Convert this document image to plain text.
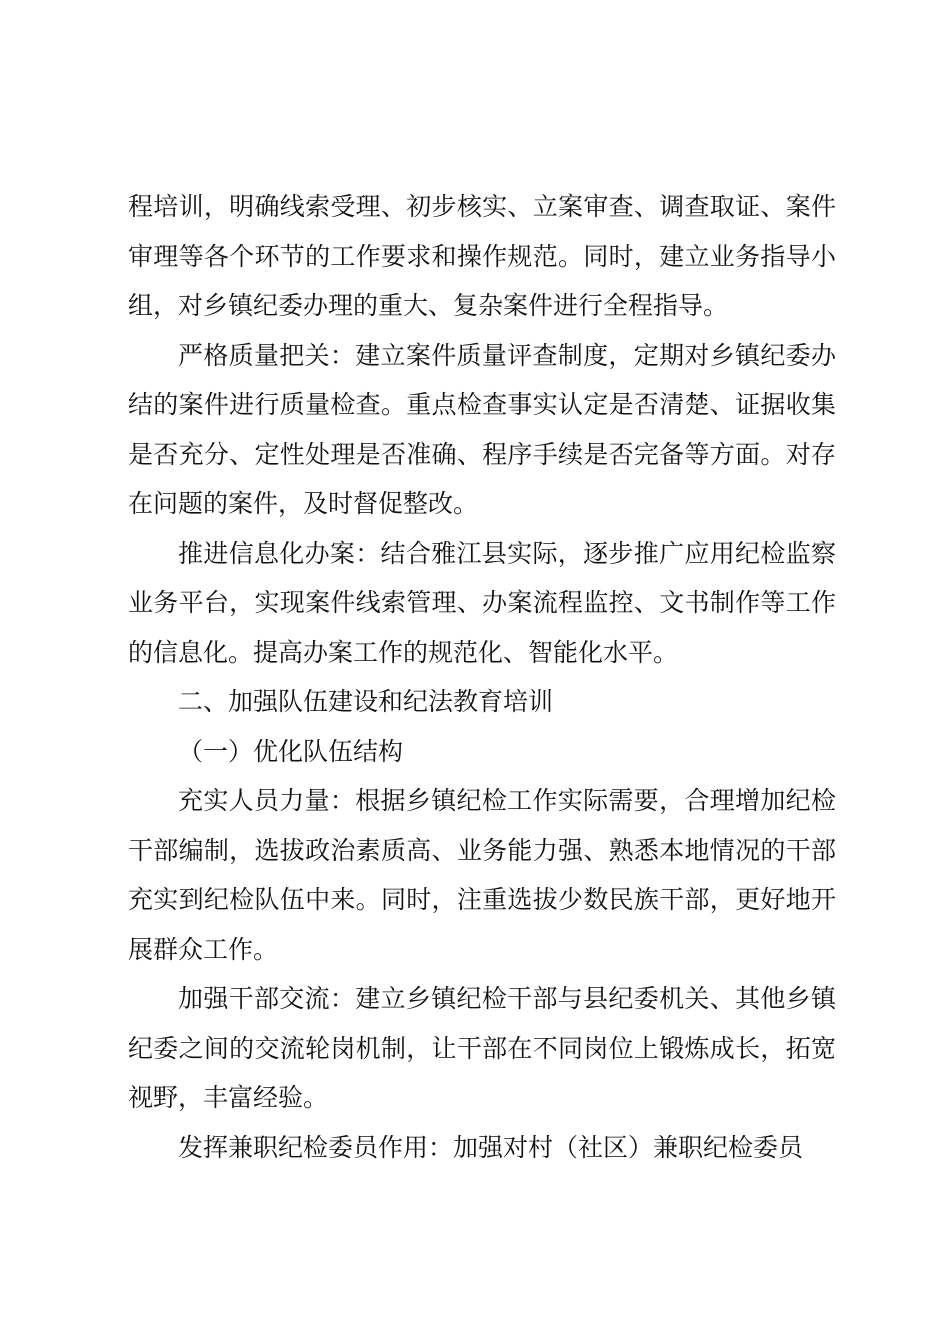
程培训，明确线索受理、初步核实、立案审查、调查取证、案件审理等各个环节的工作要求和操作规范。同时，建立业务指导小组，对乡镇纪委办理的重大、复杂案件进行全程指导。

严格质量把关：建立案件质量评查制度，定期对乡镇纪委办结的案件进行质量检查。重点检查事实认定是否清楚、证据收集是否充分、定性处理是否准确、程序手续是否完备等方面。对存在问题的案件，及时督促整改。

推进信息化办案：结合雅江县实际，逐步推广应用纪检监察业务平台，实现案件线索管理、办案流程监控、文书制作等工作的信息化。提高办案工作的规范化、智能化水平。

二、加强队伍建设和纪法教育培训

（一）优化队伍结构

充实人员力量：根据乡镇纪检工作实际需要，合理增加纪检干部编制，选拔政治素质高、业务能力强、熟悉本地情况的干部充实到纪检队伍中来。同时，注重选拔少数民族干部，更好地开展群众工作。

加强干部交流：建立乡镇纪检干部与县纪委机关、其他乡镇纪委之间的交流轮岗机制，让干部在不同岗位上锻炼成长，拓宽视野，丰富经验。

发挥兼职纪检委员作用：加强对村（社区）兼职纪检委员
